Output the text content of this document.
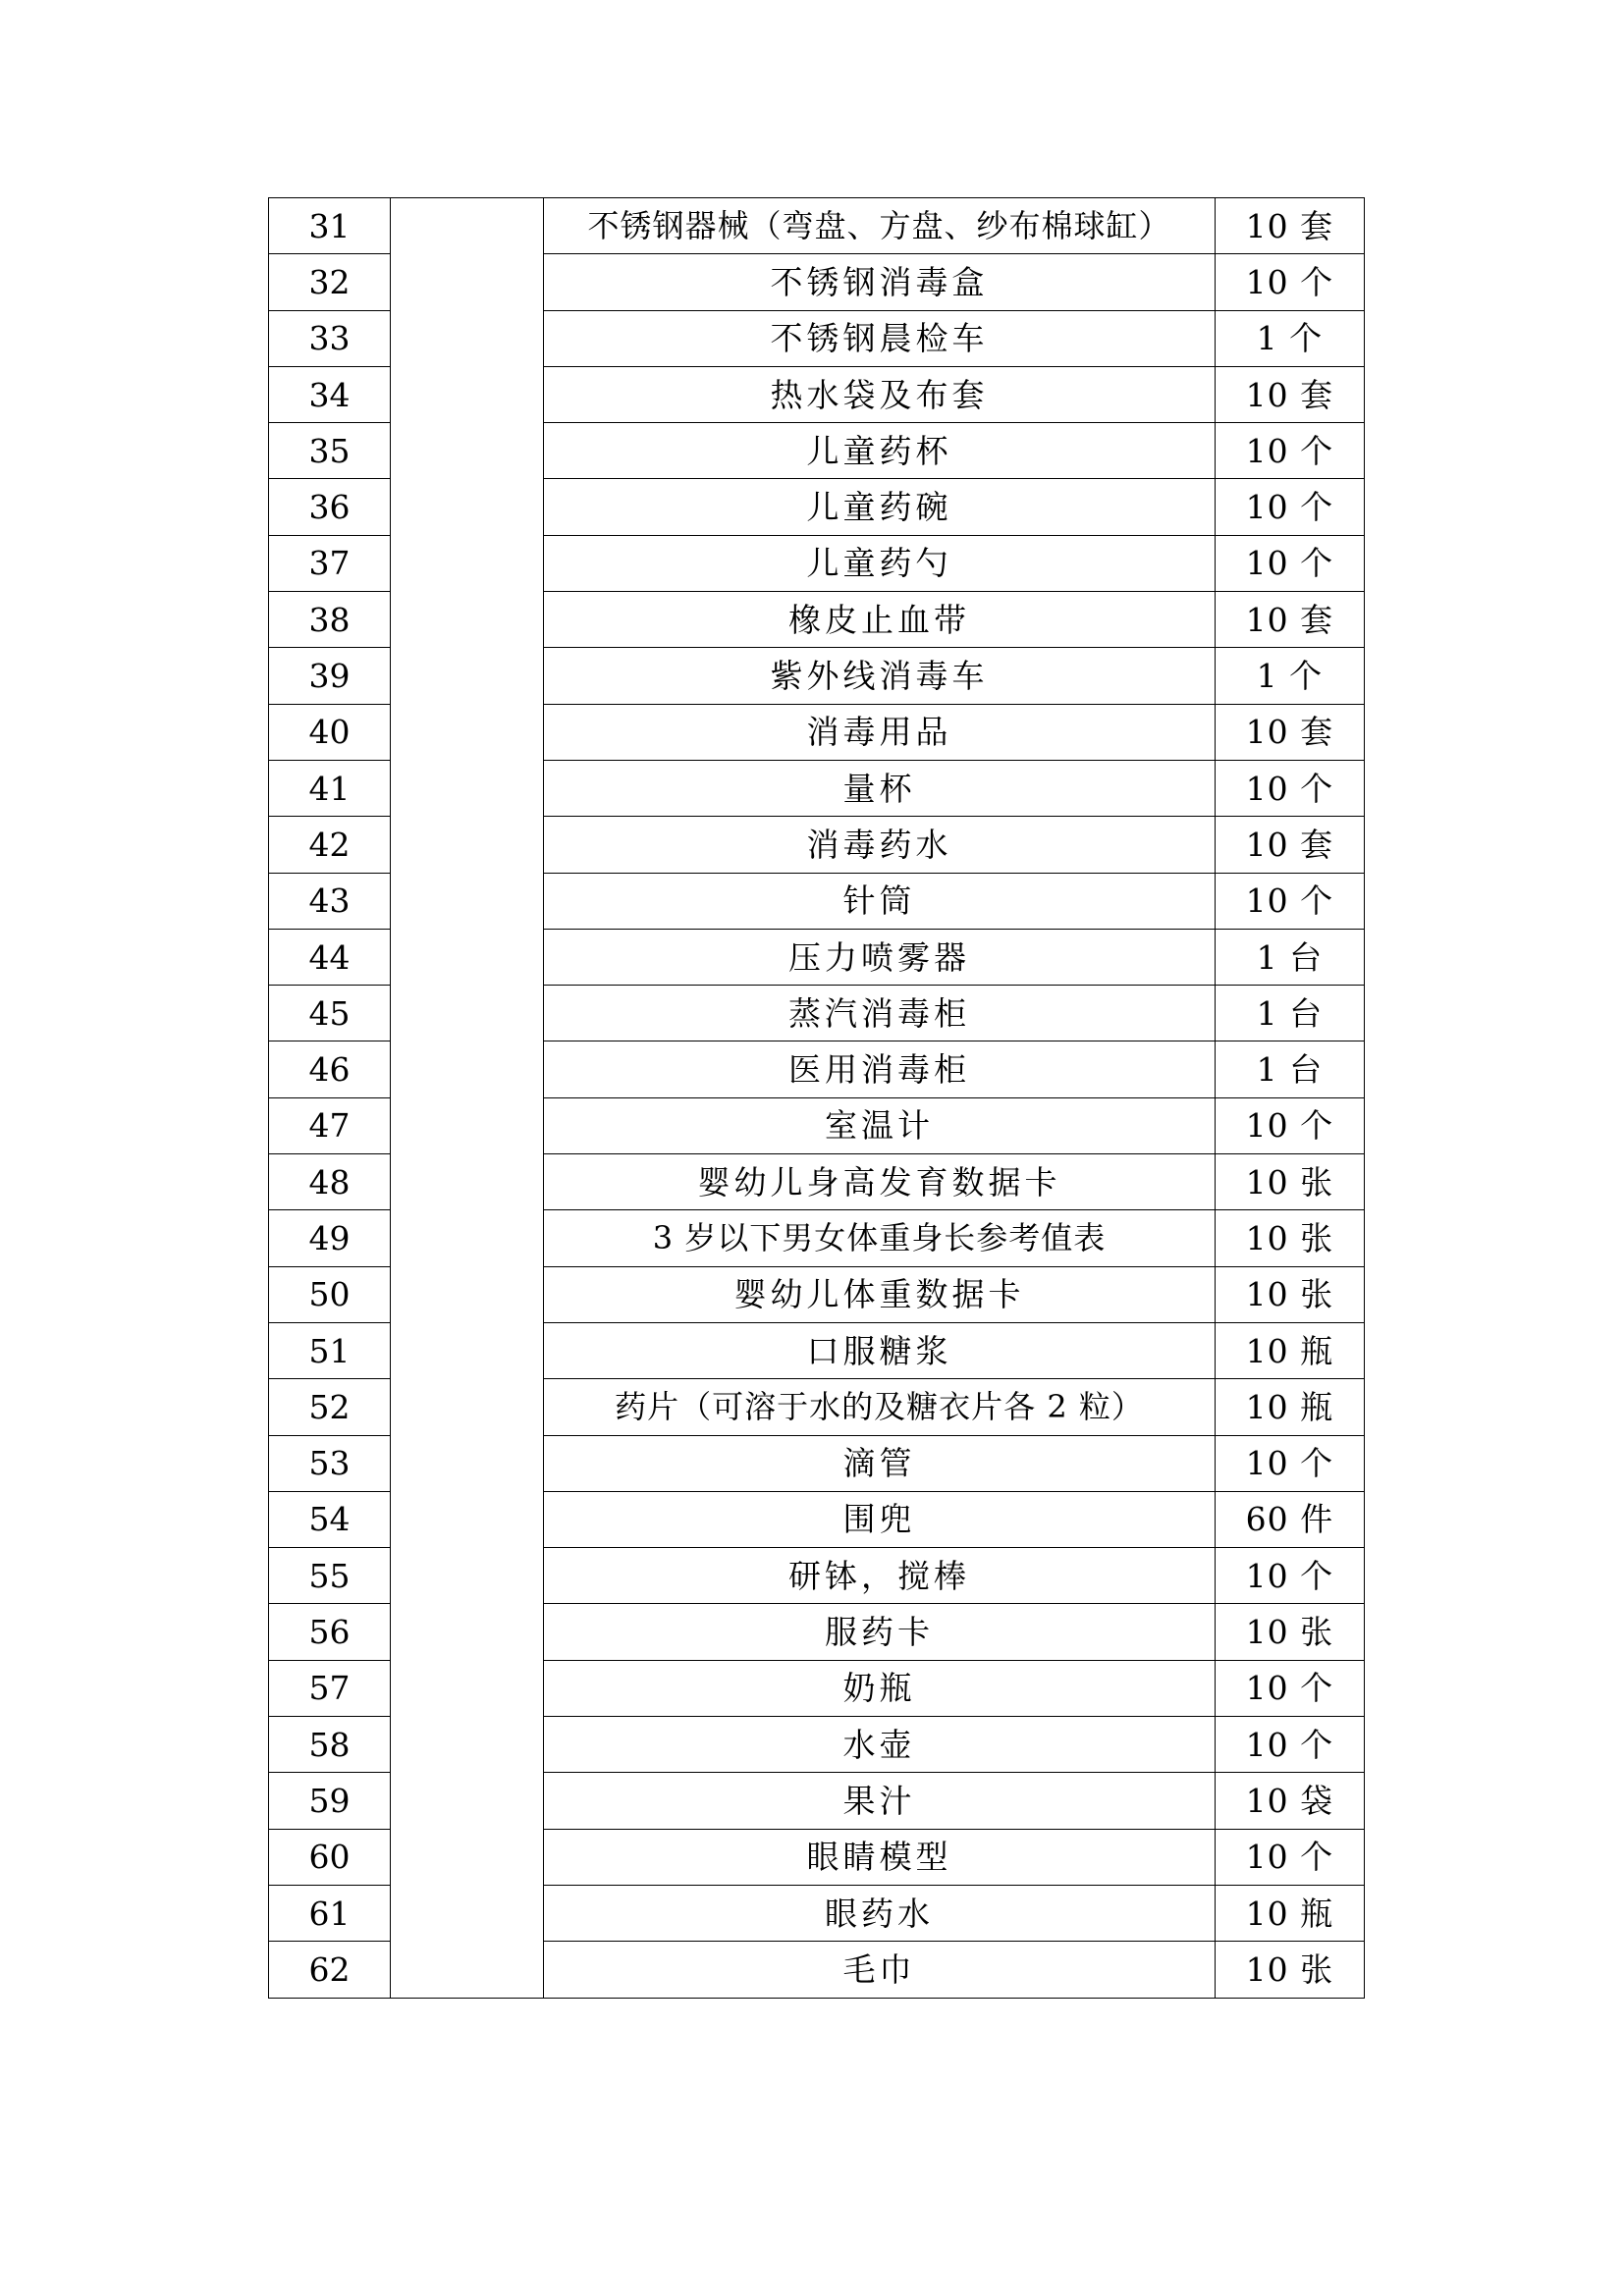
31		不锈钢器械（弯盘、方盘、纱布棉球缸）	10 套
32		不锈钢消毒盒	10 个
33		不锈钢晨检车	1 个
34		热水袋及布套	10 套
35		儿童药杯	10 个
36		儿童药碗	10 个
37		儿童药勺	10 个
38		橡皮止血带	10 套
39		紫外线消毒车	1 个
40		消毒用品	10 套
41		量杯	10 个
42		消毒药水	10 套
43		针筒	10 个
44		压力喷雾器	1 台
45		蒸汽消毒柜	1 台
46		医用消毒柜	1 台
47		室温计	10 个
48		婴幼儿身高发育数据卡	10 张
49		3 岁以下男女体重身长参考值表	10 张
50		婴幼儿体重数据卡	10 张
51		口服糖浆	10 瓶
52		药片（可溶于水的及糖衣片各 2 粒）	10 瓶
53		滴管	10 个
54		围兜	60 件
55		研钵，搅棒	10 个
56		服药卡	10 张
57		奶瓶	10 个
58		水壶	10 个
59		果汁	10 袋
60		眼睛模型	10 个
61		眼药水	10 瓶
62		毛巾	10 张
